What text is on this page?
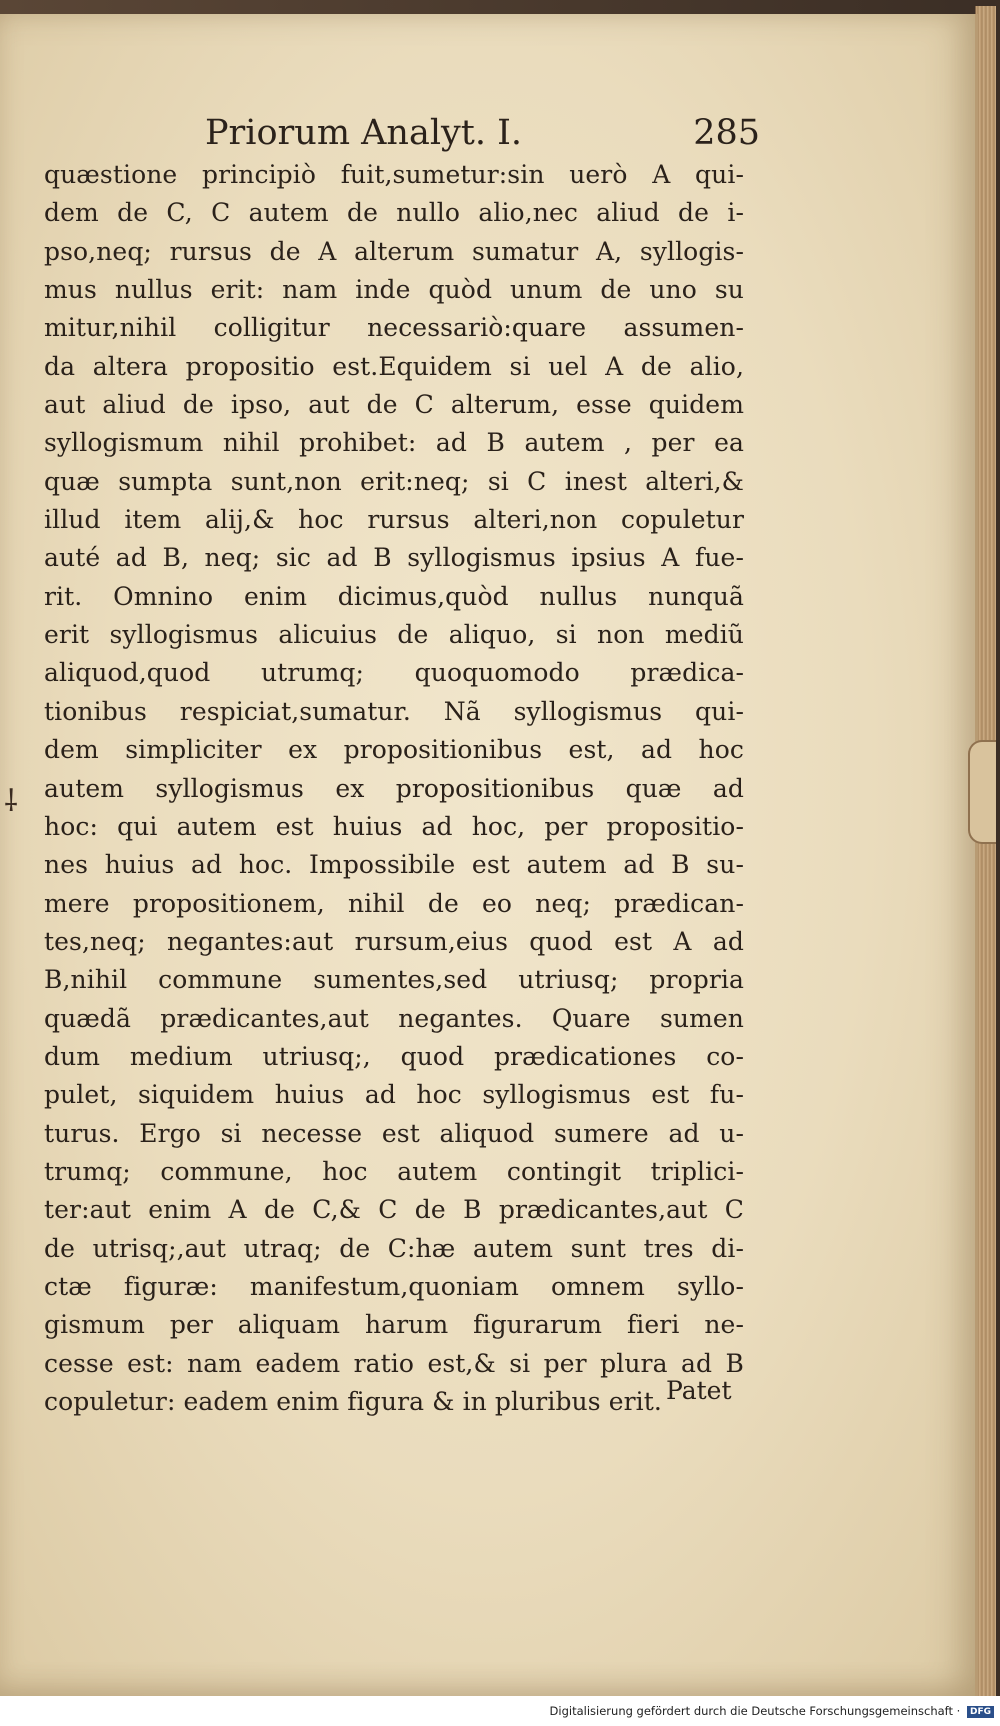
Priorum Analyt. I.	285
quæstione principiò fuit,sumetur:sin uerò A qui-
dem de C, C autem de nullo alio,nec aliud de i-
pso,neq; rursus de A alterum sumatur A, syllogis-
mus nullus erit: nam inde quòd unum de uno su
mitur,nihil colligitur necessariò:quare assumen-
da altera propositio est.Equidem si uel A de alio,
aut aliud de ipso, aut de C alterum, esse quidem
syllogismum nihil prohibet: ad B autem , per ea
quæ sumpta sunt,non erit:neq; si C inest alteri,&
illud item alij,& hoc rursus alteri,non copuletur
auté ad B, neq; sic ad B syllogismus ipsius A fue-
rit. Omnino enim dicimus,quòd nullus nunquã
erit syllogismus alicuius de aliquo, si non mediũ
aliquod,quod utrumq; quoquomodo prædica-
tionibus respiciat,sumatur. Nã syllogismus qui-
dem simpliciter ex propositionibus est, ad hoc
autem syllogismus ex propositionibus quæ ad
hoc: qui autem est huius ad hoc, per propositio-
nes huius ad hoc. Impossibile est autem ad B su-
mere propositionem, nihil de eo neq; prædican-
tes,neq; negantes:aut rursum,eius quod est A ad
B,nihil commune sumentes,sed utriusq; propria
quædã prædicantes,aut negantes. Quare sumen
dum medium utriusq;, quod prædicationes co-
pulet, siquidem huius ad hoc syllogismus est fu-
turus. Ergo si necesse est aliquod sumere ad u-
trumq; commune, hoc autem contingit triplici-
ter:aut enim A de C,& C de B prædicantes,aut C
de utrisq;,aut utraq; de C:hæ autem sunt tres di-
ctæ figuræ: manifestum,quoniam omnem syllo-
gismum per aliquam harum figurarum fieri ne-
cesse est: nam eadem ratio est,& si per plura ad B
copuletur: eadem enim figura & in pluribus erit. Patet
⸸
Digitalisierung gefördert durch die Deutsche Forschungsgemeinschaft · DFG
